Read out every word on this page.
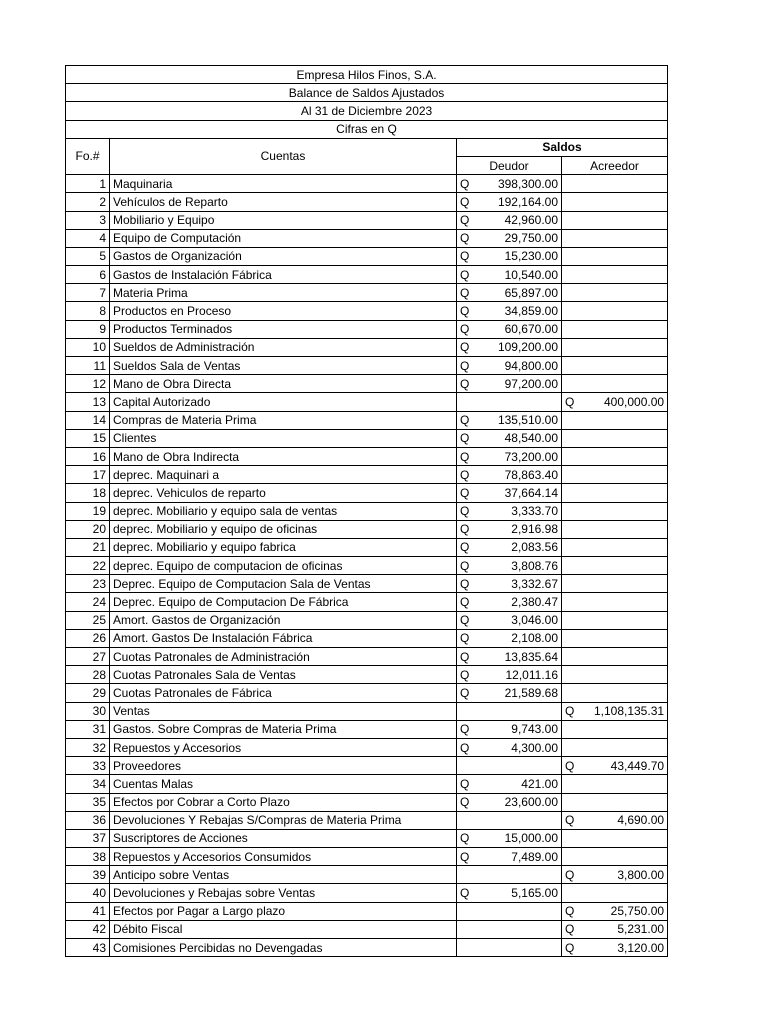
Empresa Hilos Finos, S.A.			
Balance de Saldos Ajustados			
Al 31 de Diciembre 2023			
Cifras en Q			
Fo.#	Cuentas	Saldos	
		Deudor	Acreedor
1	Maquinaria	Q 398,300.00	

2	Vehículos de Reparto	Q 192,164.00	

3	Mobiliario y Equipo	Q 42,960.00	

4	Equipo de Computación	Q 29,750.00	

5	Gastos de Organización	Q 15,230.00	

6	Gastos de Instalación Fábrica	Q 10,540.00	

7	Materia Prima	Q 65,897.00	

8	Productos en Proceso	Q 34,859.00	

9	Productos Terminados	Q 60,670.00	

10	Sueldos de Administración	Q 109,200.00	

11	Sueldos Sala de Ventas	Q 94,800.00	

12	Mano de Obra Directa	Q 97,200.00	

13	Capital Autorizado		Q 400,000.00

14	Compras de Materia Prima	Q 135,510.00	

15	Clientes	Q 48,540.00	

16	Mano de Obra Indirecta	Q 73,200.00	

17	deprec. Maquinari a	Q 78,863.40	

18	deprec. Vehiculos de reparto	Q 37,664.14	

19	deprec. Mobiliario y equipo sala de ventas	Q 3,333.70	

20	deprec. Mobiliario y equipo de oficinas	Q 2,916.98	

21	deprec. Mobiliario y equipo fabrica	Q 2,083.56	

22	deprec. Equipo de computacion de oficinas	Q 3,808.76	

23	Deprec. Equipo de Computacion Sala de Ventas	Q 3,332.67	

24	Deprec. Equipo de Computacion De Fábrica	Q 2,380.47	

25	Amort. Gastos de Organización	Q 3,046.00	

26	Amort. Gastos De Instalación Fábrica	Q 2,108.00	

27	Cuotas Patronales de Administración	Q 13,835.64	

28	Cuotas Patronales Sala de Ventas	Q 12,011.16	

29	Cuotas Patronales de Fábrica	Q 21,589.68	

30	Ventas		Q 1,108,135.31

31	Gastos. Sobre Compras de Materia Prima	Q 9,743.00	

32	Repuestos y Accesorios	Q 4,300.00	

33	Proveedores		Q 43,449.70

34	Cuentas Malas	Q 421.00	

35	Efectos por Cobrar a Corto Plazo	Q 23,600.00	

36	Devoluciones Y Rebajas S/Compras de Materia Prima		Q 4,690.00

37	Suscriptores de Acciones	Q 15,000.00	

38	Repuestos y Accesorios Consumidos	Q 7,489.00	

39	Anticipo sobre Ventas		Q 3,800.00

40	Devoluciones y Rebajas sobre Ventas	Q 5,165.00	

41	Efectos por Pagar a Largo plazo		Q 25,750.00

42	Débito Fiscal		Q 5,231.00

43	Comisiones Percibidas no Devengadas		Q 3,120.00
